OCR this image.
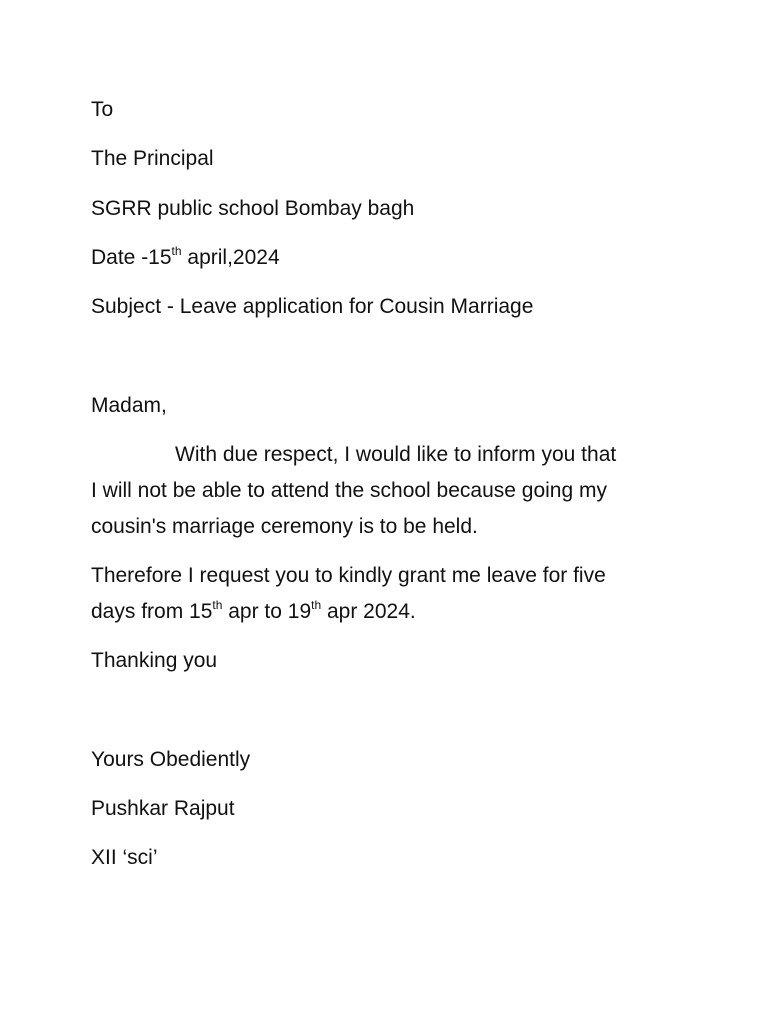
To
The Principal
SGRR public school Bombay bagh
Date -15th april,2024
Subject - Leave application for Cousin Marriage
Madam,
With due respect, I would like to inform you that
I will not be able to attend the school because going my
cousin's marriage ceremony is to be held.
Therefore I request you to kindly grant me leave for five
days from 15th apr to 19th apr 2024.
Thanking you
Yours Obediently
Pushkar Rajput
XII ‘sci’
